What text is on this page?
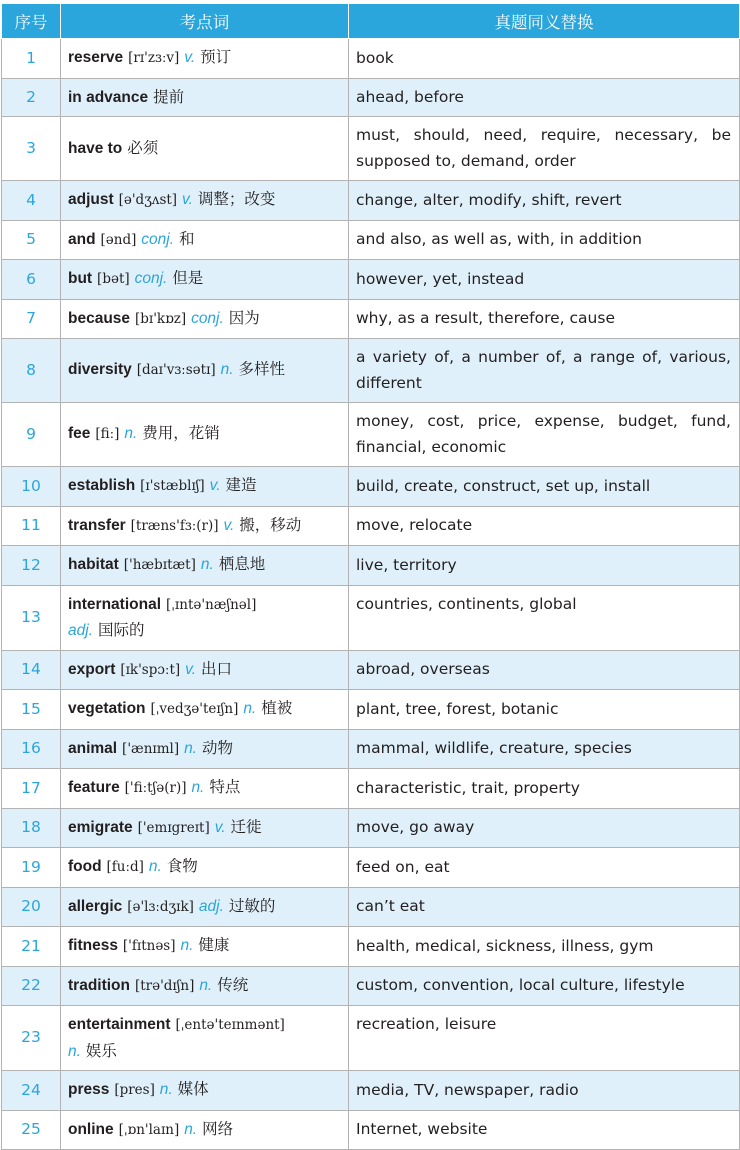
序号	考点词	真题同义替换
1	reserve [rɪ'zɜːv] v. 预订	book
2	in advance 提前	ahead, before
3	have to 必须	must, should, need, require, necessary, be supposed to, demand, order
4	adjust [ə'dʒʌst] v. 调整；改变	change, alter, modify, shift, revert
5	and [ənd] conj. 和	and also, as well as, with, in addition
6	but [bət] conj. 但是	however, yet, instead
7	because [bɪ'kɒz] conj. 因为	why, as a result, therefore, cause
8	diversity [daɪ'vɜːsətɪ] n. 多样性	a variety of, a number of, a range of, various, different
9	fee [fiː] n. 费用，花销	money, cost, price, expense, budget, fund, financial, economic
10	establish [ɪ'stæblɪʃ] v. 建造	build, create, construct, set up, install
11	transfer [træns'fɜː(r)] v. 搬，移动	move, relocate
12	habitat ['hæbɪtæt] n. 栖息地	live, territory
13	international [ˌɪntə'næʃnəl]
adj. 国际的	countries, continents, global
14	export [ɪk'spɔːt] v. 出口	abroad, overseas
15	vegetation [ˌvedʒə'teɪʃn] n. 植被	plant, tree, forest, botanic
16	animal ['ænɪml] n. 动物	mammal, wildlife, creature, species
17	feature ['fiːtʃə(r)] n. 特点	characteristic, trait, property
18	emigrate ['emɪgreɪt] v. 迁徙	move, go away
19	food [fuːd] n. 食物	feed on, eat
20	allergic [ə'lɜːdʒɪk] adj. 过敏的	can’t eat
21	fitness ['fɪtnəs] n. 健康	health, medical, sickness, illness, gym
22	tradition [trə'dɪʃn] n. 传统	custom, convention, local culture, lifestyle
23	entertainment [ˌentə'teɪnmənt]
n. 娱乐	recreation, leisure
24	press [pres] n. 媒体	media, TV, newspaper, radio
25	online [ˌɒn'laɪn] n. 网络	Internet, website
